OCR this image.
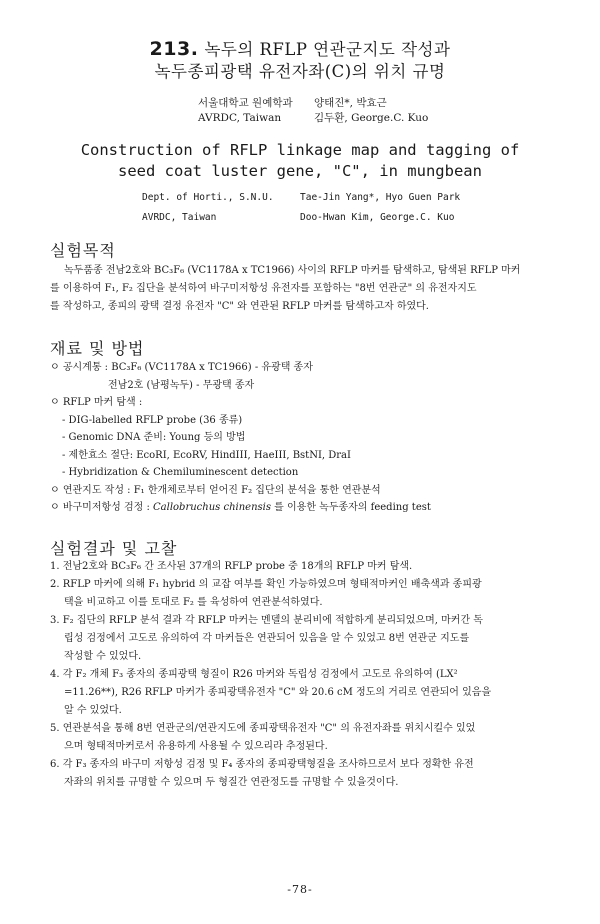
213. 녹두의 RFLP 연관군지도 작성과
녹두종피광택 유전자좌(C)의 위치 규명
서울대학교 원예학과
AVRDC, Taiwan
양태진*, 박효근
김두환, George.C. Kuo
Construction of RFLP linkage map and tagging of
seed coat luster gene, "C", in mungbean
Dept. of Horti., S.N.U.
AVRDC, Taiwan
Tae-Jin Yang*, Hyo Guen Park
Doo-Hwan Kim, George.C. Kuo
실험목적
녹두품종 전남2호와 BC₃F₆ (VC1178A x TC1966) 사이의 RFLP 마커를 탐색하고, 탐색된 RFLP 마커
를 이용하여 F₁, F₂ 집단을 분석하여 바구미저항성 유전자를 포함하는 "8번 연관군" 의 유전자지도
를 작성하고, 종피의 광택 결정 유전자 "C" 와 연관된 RFLP 마커를 탐색하고자 하였다.
재료 및 방법
ㅇ 공시계통 : BC₃F₆ (VC1178A x TC1966) - 유광택 종자
전남2호 (남평녹두) - 무광택 종자
ㅇ RFLP 마커 탐색 :
- DIG-labelled RFLP probe (36 종류)
- Genomic DNA 준비: Young 등의 방법
- 제한효소 절단: EcoRI, EcoRV, HindIII, HaeIII, BstNI, DraI
- Hybridization & Chemiluminescent detection
ㅇ 연관지도 작성 : F₁ 한개체로부터 얻어진 F₂ 집단의 분석을 통한 연관분석
ㅇ 바구미저항성 검정 : Callobruchus chinensis 를 이용한 녹두종자의 feeding test
실험결과 및 고찰
1. 전남2호와 BC₃F₆ 간 조사된 37개의 RFLP probe 중 18개의 RFLP 마커 탐색.
2. RFLP 마커에 의해 F₁ hybrid 의 교잡 여부를 확인 가능하였으며 형태적마커인 배축색과 종피광
택을 비교하고 이를 토대로 F₂ 를 육성하여 연관분석하였다.
3. F₂ 집단의 RFLP 분석 결과 각 RFLP 마커는 멘델의 분리비에 적합하게 분리되었으며, 마커간 독
립성 검정에서 고도로 유의하여 각 마커들은 연관되어 있음을 알 수 있었고 8번 연관군 지도를
작성할 수 있었다.
4. 각 F₂ 개체 F₃ 종자의 종피광택 형질이 R26 마커와 독립성 검정에서 고도로 유의하여 (LX²
=11.26**), R26 RFLP 마커가 종피광택유전자 "C" 와 20.6 cM 정도의 거리로 연관되어 있음을
알 수 있었다.
5. 연관분석을 통해 8번 연관군의/연관지도에 종피광택유전자 "C" 의 유전자좌를 위치시킬수 있었
으며 형태적마커로서 유용하게 사용될 수 있으리라 추정된다.
6. 각 F₃ 종자의 바구미 저항성 검정 및 F₄ 종자의 종피광택형질을 조사하므로서 보다 정확한 유전
자좌의 위치를 규명할 수 있으며 두 형질간 연관정도를 규명할 수 있을것이다.
-78-
